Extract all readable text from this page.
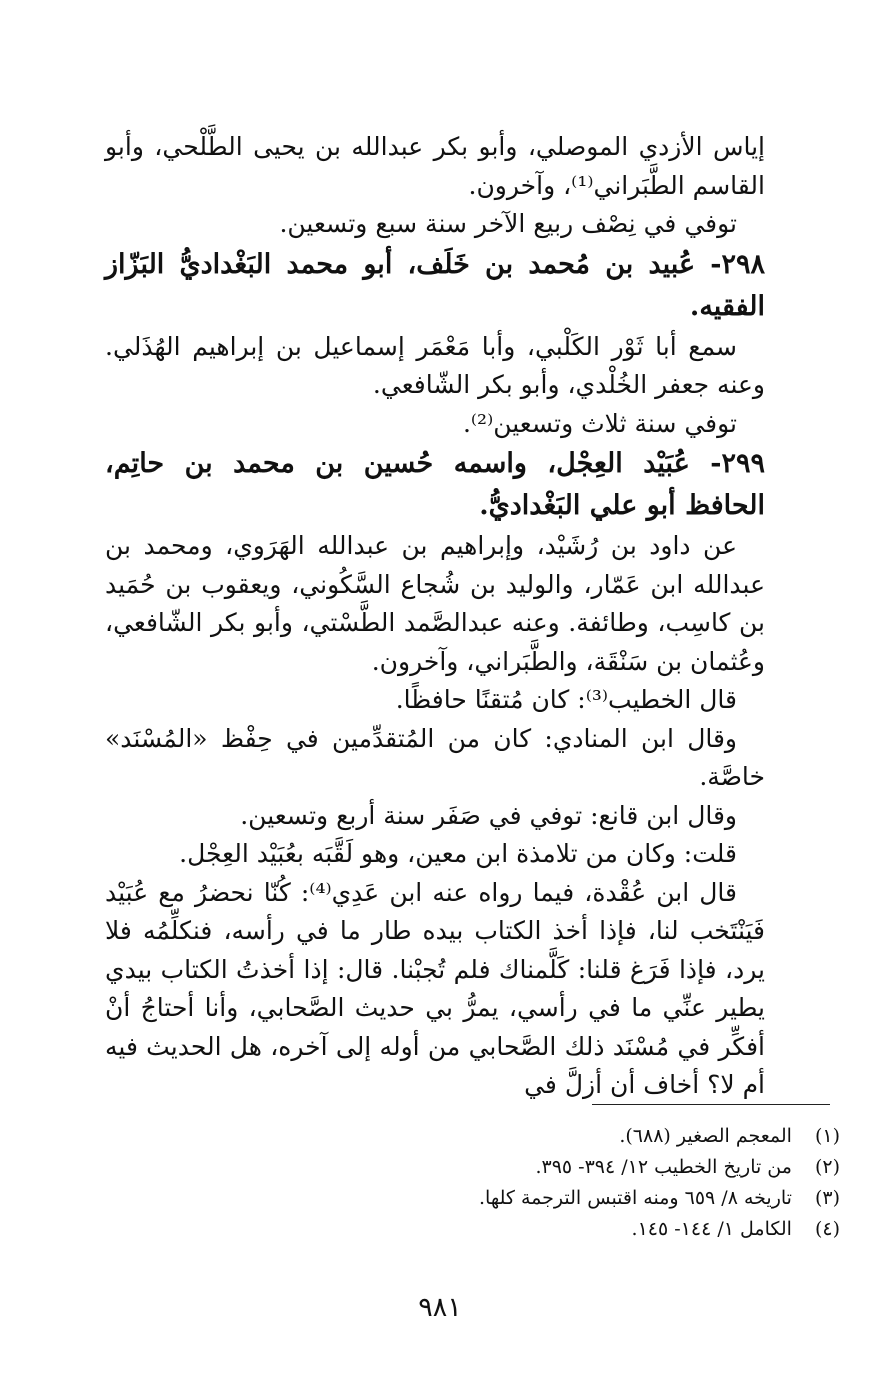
إياس الأزدي الموصلي، وأبو بكر عبدالله بن يحيى الطَّلْحي، وأبو القاسم الطَّبَراني⁽¹⁾، وآخرون.

توفي في نِصْف ربيع الآخر سنة سبع وتسعين.

٢٩٨- عُبيد بن مُحمد بن خَلَف، أبو محمد البَغْداديُّ البَزّاز الفقيه.

سمع أبا ثَوْر الكَلْبي، وأبا مَعْمَر إسماعيل بن إبراهيم الهُذَلي. وعنه جعفر الخُلْدي، وأبو بكر الشّافعي.

توفي سنة ثلاث وتسعين⁽²⁾.

٢٩٩- عُبَيْد العِجْل، واسمه حُسين بن محمد بن حاتِم، الحافظ أبو علي البَغْداديُّ.

عن داود بن رُشَيْد، وإبراهيم بن عبدالله الهَرَوي، ومحمد بن عبدالله ابن عَمّار، والوليد بن شُجاع السَّكُوني، ويعقوب بن حُمَيد بن كاسِب، وطائفة. وعنه عبدالصَّمد الطَّسْتي، وأبو بكر الشّافعي، وعُثمان بن سَنْقَة، والطَّبَراني، وآخرون.

قال الخطيب⁽³⁾: كان مُتقنًا حافظًا.

وقال ابن المنادي: كان من المُتقدِّمين في حِفْظ «المُسْنَد» خاصَّة.

وقال ابن قانع: توفي في صَفَر سنة أربع وتسعين.

قلت: وكان من تلامذة ابن معين، وهو لَقَّبَه بعُبَيْد العِجْل.

قال ابن عُقْدة، فيما رواه عنه ابن عَدِي⁽⁴⁾: كُنّا نحضرُ مع عُبَيْد فَيَنْتَخب لنا، فإذا أخذ الكتاب بيده طار ما في رأسه، فنكلِّمُه فلا يرد، فإذا فَرَغ قلنا: كَلَّمناك فلم تُجبْنا. قال: إذا أخذتُ الكتاب بيدي يطير عنِّي ما في رأسي، يمرُّ بي حديث الصَّحابي، وأنا أحتاجُ أنْ أفكِّر في مُسْنَد ذلك الصَّحابي من أوله إلى آخره، هل الحديث فيه أم لا؟ أخاف أن أزلَّ في

(١) المعجم الصغير (٦٨٨).

(٢) من تاريخ الخطيب ١٢/ ٣٩٤- ٣٩٥.

(٣) تاريخه ٨/ ٦٥٩ ومنه اقتبس الترجمة كلها.

(٤) الكامل ١/ ١٤٤- ١٤٥.

٩٨١
